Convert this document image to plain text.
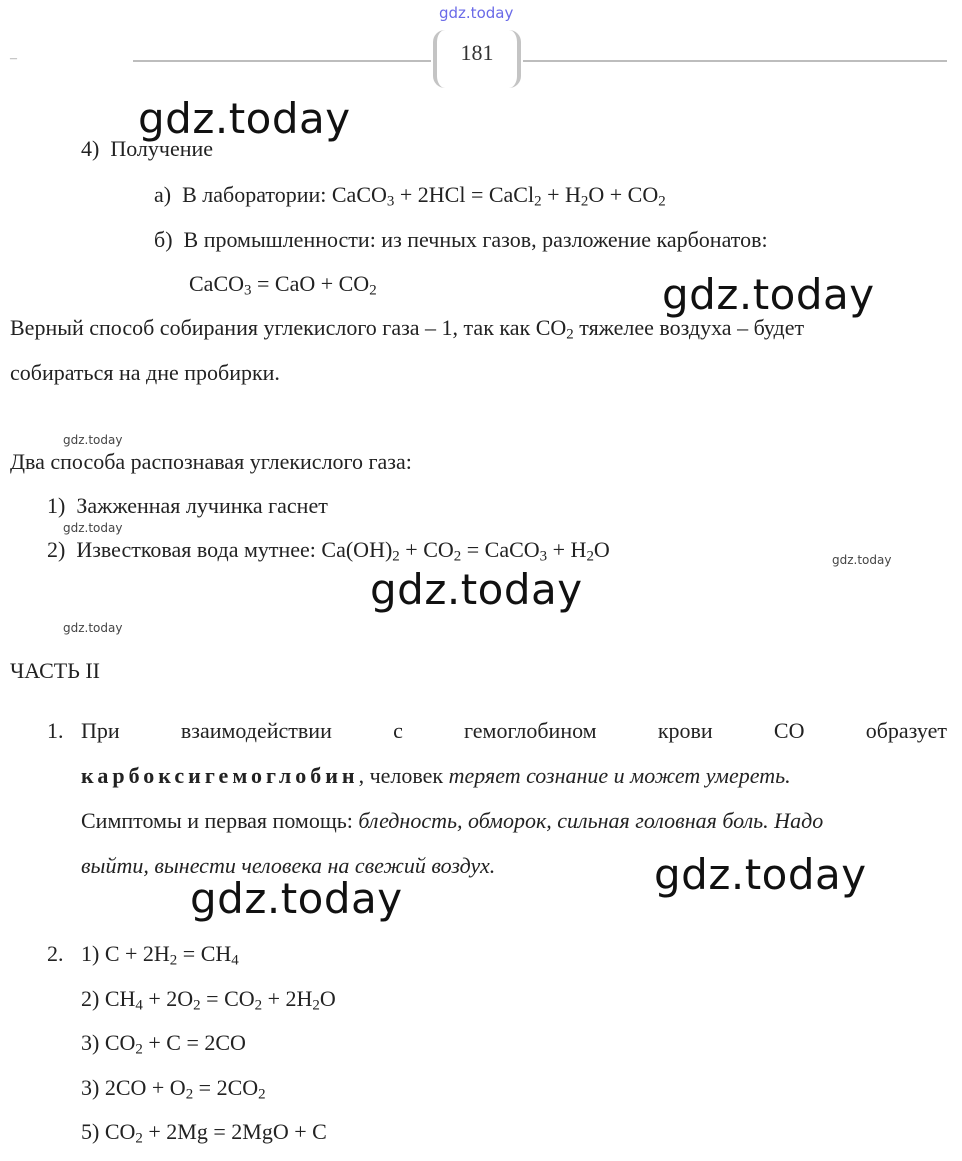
gdz.today
–	181
gdz.today
gdz.today
gdz.today
gdz.today
gdz.today
gdz.today
gdz.today
gdz.today
gdz.today
4) Получение
а) В лаборатории: CaCO$_3$ + 2HCl = CaCl$_2$ + $H_2O + CO_2$
б) В промышленности: из печных газов, разложение карбонатов:
CaCO$_3$ = CaO + $CO_2$
Верный способ собирания углекислого газа – 1, так как $CO_2$ тяжелее воздуха – будет
собираться на дне пробирки.
Два способа распознавая углекислого газа:
1) Зажженная лучинка гаснет
2) Известковая вода мутнее: $Ca(OH)_2 + CO_2$ = CaCO$_3$ + $H_2O$
ЧАСТЬ II
1. При	взаимодействии	с	гемоглобином	крови	CO	образует
карбоксигемоглобин, человек теряет сознание и может умереть.
Симптомы и первая помощь: бледность, обморок, сильная головная боль. Надо
выйти, вынести человека на свежий воздух.
2. 1) $C + 2H_2 = CH_4$
2) $CH_4 + 2O_2 = CO_2 + 2H_2O$
3) $CO_2 + C = 2CO$
3) $2CO + O_2 = 2CO_2$
5) $CO_2 + 2Mg = 2MgO + C$
